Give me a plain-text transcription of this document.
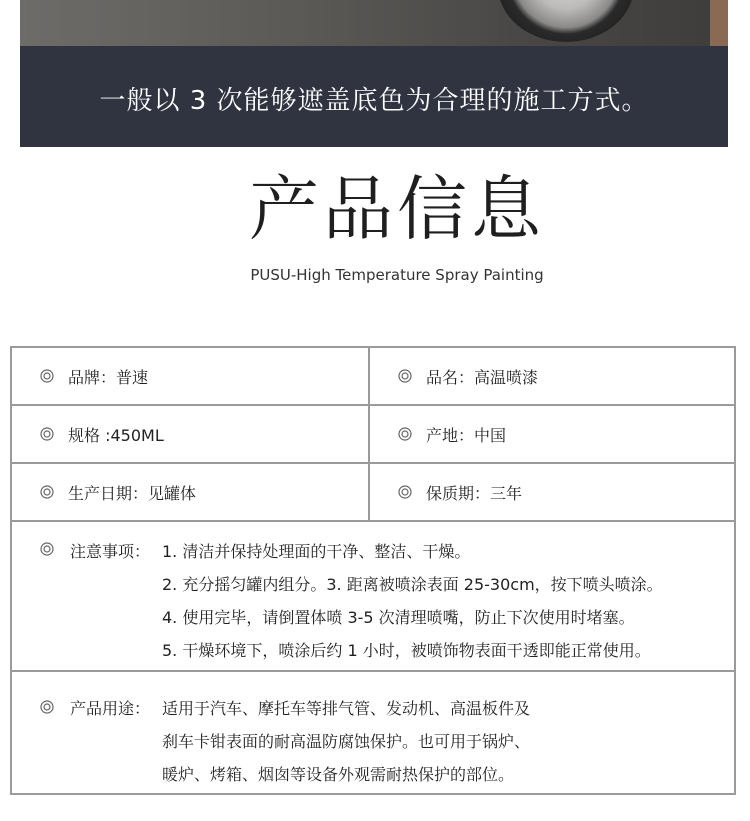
一般以 3 次能够遮盖底色为合理的施工方式。
产品信息
PUSU-High Temperature Spray Painting
品牌：普速	品名：高温喷漆
规格 :450ML	产地：中国
生产日期：见罐体	保质期：三年
注意事项： 1. 清洁并保持处理面的干净、整洁、干燥。
2. 充分摇匀罐内组分。3. 距离被喷涂表面 25-30cm，按下喷头喷涂。
4. 使用完毕，请倒置体喷 3-5 次清理喷嘴，防止下次使用时堵塞。
5. 干燥环境下，喷涂后约 1 小时，被喷饰物表面干透即能正常使用。
产品用途： 适用于汽车、摩托车等排气管、发动机、高温板件及
刹车卡钳表面的耐高温防腐蚀保护。也可用于锅炉、
暖炉、烤箱、烟囱等设备外观需耐热保护的部位。
